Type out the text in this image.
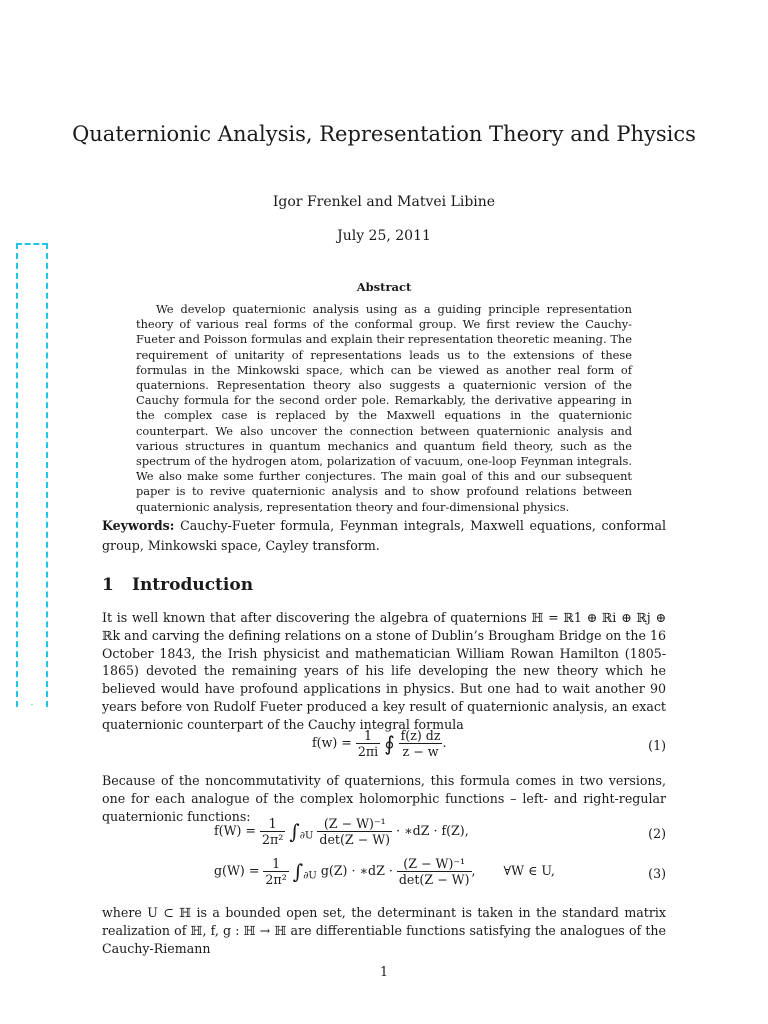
· · ·
Quaternionic Analysis, Representation Theory and Physics
Igor Frenkel and Matvei Libine
July 25, 2011
Abstract
We develop quaternionic analysis using as a guiding principle representation theory of various real forms of the conformal group. We first review the Cauchy-Fueter and Poisson formulas and explain their representation theoretic meaning. The requirement of unitarity of representations leads us to the extensions of these formulas in the Minkowski space, which can be viewed as another real form of quaternions. Representation theory also suggests a quaternionic version of the Cauchy formula for the second order pole. Remarkably, the derivative appearing in the complex case is replaced by the Maxwell equations in the quaternionic counterpart. We also uncover the connection between quaternionic analysis and various structures in quantum mechanics and quantum field theory, such as the spectrum of the hydrogen atom, polarization of vacuum, one-loop Feynman integrals. We also make some further conjectures. The main goal of this and our subsequent paper is to revive quaternionic analysis and to show profound relations between quaternionic analysis, representation theory and four-dimensional physics.
Keywords: Cauchy-Fueter formula, Feynman integrals, Maxwell equations, conformal group, Minkowski space, Cayley transform.
1 Introduction
It is well known that after discovering the algebra of quaternions ℍ = ℝ1 ⊕ ℝi ⊕ ℝj ⊕ ℝk and carving the defining relations on a stone of Dublin’s Brougham Bridge on the 16 October 1843, the Irish physicist and mathematician William Rowan Hamilton (1805-1865) devoted the remaining years of his life developing the new theory which he believed would have profound applications in physics. But one had to wait another 90 years before von Rudolf Fueter produced a key result of quaternionic analysis, an exact quaternionic counterpart of the Cauchy integral formula
$f(w) = \frac{1}{2\pi i}$ ∮ $\frac{f(z) dz}{z - w}$ .	(1)
Because of the noncommutativity of quaternions, this formula comes in two versions, one for each analogue of the complex holomorphic functions – left- and right-regular quaternionic functions:
$f(W) = \frac{1}{\text{2π²}} \int_{\partial U} \frac{\text{(Z − W)⁻¹}}{\det(Z - W)}$ · ∗dZ · f(Z),	(2)
$g(W) = \frac{1}{\text{2π²}} \int_{\partial U}$ g(Z) · ∗dZ · $\frac{\text{(Z − W)⁻¹}}{\det(Z - W)}$ , ∀W ∈ U,	(3)
where U ⊂ ℍ is a bounded open set, the determinant is taken in the standard matrix realization of ℍ, f, g : ℍ → ℍ are differentiable functions satisfying the analogues of the Cauchy-Riemann
1
